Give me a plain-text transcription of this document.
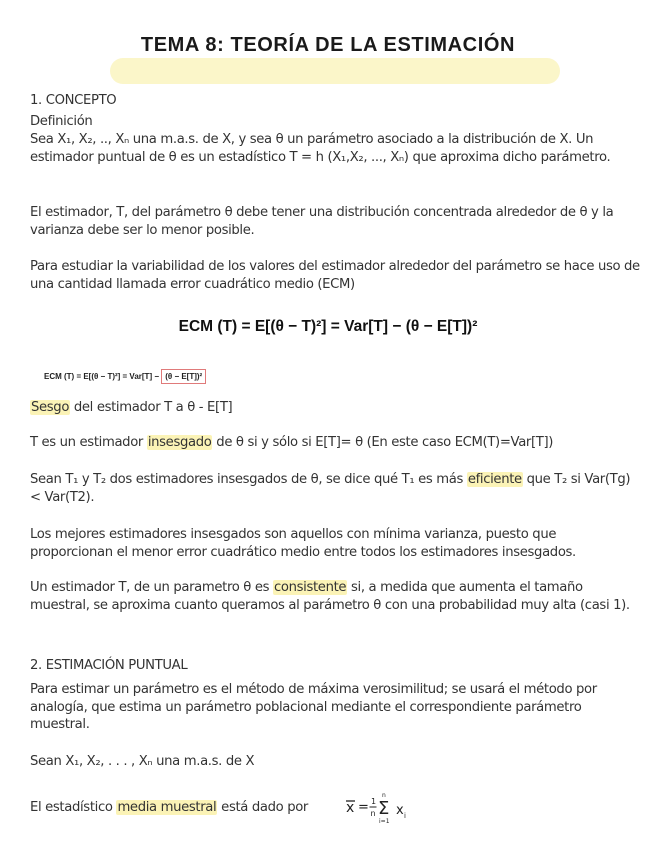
TEMA 8: TEORÍA DE LA ESTIMACIÓN

1. CONCEPTO

Definición

Sea X₁, X₂, .., Xₙ una m.a.s. de X, y sea θ un parámetro asociado a la distribución de X. Un estimador puntual de θ es un estadístico T = h (X₁,X₂, ..., Xₙ) que aproxima dicho parámetro.

El estimador, T, del parámetro θ debe tener una distribución concentrada alrededor de θ y la varianza debe ser lo menor posible.

Para estudiar la variabilidad de los valores del estimador alrededor del parámetro se hace uso de una cantidad llamada error cuadrático medio (ECM)

ECM (T) = E[(θ − T)²] = Var[T] − (θ − E[T])²

ECM (T) = E[(θ − T)²] = Var[T] − (θ − E[T])²

Sesgo del estimador T a θ - E[T]

T es un estimador insesgado de θ si y sólo si E[T]= θ (En este caso ECM(T)=Var[T])

Sean T₁ y T₂ dos estimadores insesgados de θ, se dice qué T₁ es más eficiente que T₂ si Var(Tg) < Var(T2).

Los mejores estimadores insesgados son aquellos con mínima varianza, puesto que proporcionan el menor error cuadrático medio entre todos los estimadores insesgados.

Un estimador T, de un parametro θ es consistente si, a medida que aumenta el tamaño muestral, se aproxima cuanto queramos al parámetro θ con una probabilidad muy alta (casi 1).

2. ESTIMACIÓN PUNTUAL

Para estimar un parámetro es el método de máxima verosimilitud; se usará el método por analogía, que estima un parámetro poblacional mediante el correspondiente parámetro muestral.

Sean X₁, X₂, . . . , Xₙ una m.a.s. de X

El estadístico media muestral está dado por	x = 1
n
n
Σ
i=1
x i
